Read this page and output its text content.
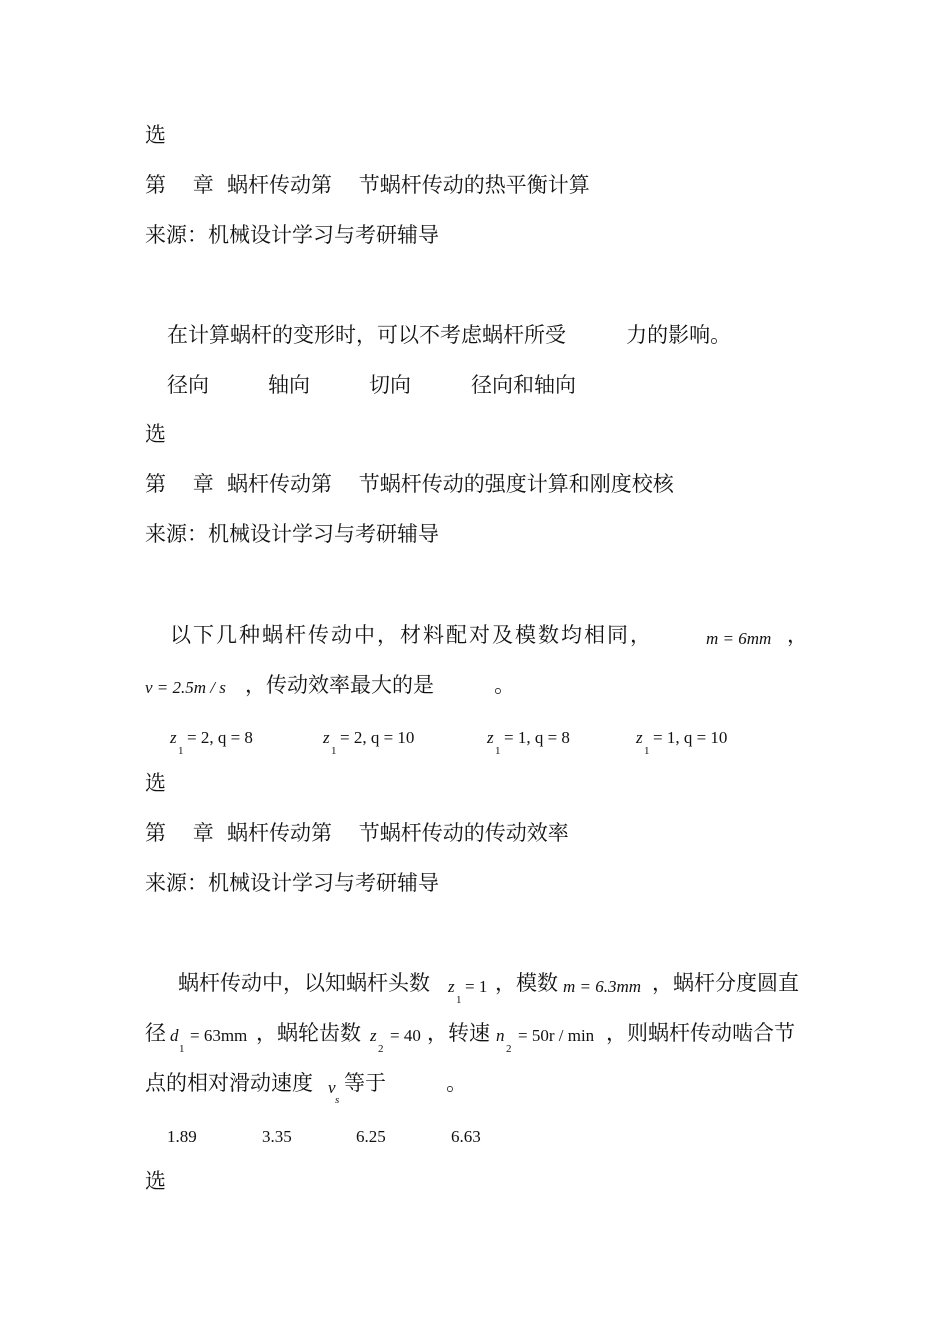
选
第    章  蜗杆传动第    节蜗杆传动的热平衡计算
来源：机械设计学习与考研辅导
在计算蜗杆的变形时，可以不考虑蜗杆所受         力的影响。
径向	轴向	切向	径向和轴向
选
第    章  蜗杆传动第    节蜗杆传动的强度计算和刚度校核
来源：机械设计学习与考研辅导
以下几种蜗杆传动中，材料配对及模数均相同，	m = 6mm ，
v = 2.5m / s ，传动效率最大的是         。
z
1
= 2, q = 8	z
1
= 2, q = 10	z
1
= 1, q = 8	z
1
= 1, q = 10
选
第    章  蜗杆传动第    节蜗杆传动的传动效率
来源：机械设计学习与考研辅导
蜗杆传动中，以知蜗杆头数 z
1
= 1 ，模数 m = 6.3mm ，蜗杆分度圆直
径 d
1
= 63mm ，蜗轮齿数 z
2
= 40 ，转速 n
2
= 50r / min ，则蜗杆传动啮合节
点的相对滑动速度 v
s
等于         。
1.89	3.35	6.25	6.63
选
